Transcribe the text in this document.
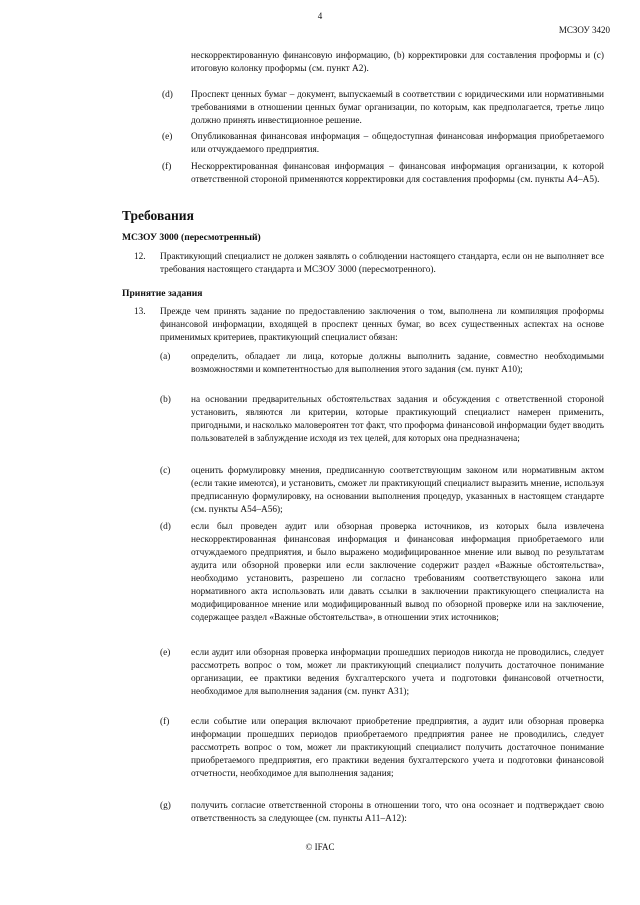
4
МСЗОУ 3420
нескорректированную финансовую информацию, (b) корректировки для составления проформы и (c) итоговую колонку проформы (см. пункт A2).
(d) Проспект ценных бумаг – документ, выпускаемый в соответствии с юридическими или нормативными требованиями в отношении ценных бумаг организации, по которым, как предполагается, третье лицо должно принять инвестиционное решение.
(e) Опубликованная финансовая информация – общедоступная финансовая информация приобретаемого или отчуждаемого предприятия.
(f) Нескорректированная финансовая информация – финансовая информация организации, к которой ответственной стороной применяются корректировки для составления проформы (см. пункты A4–A5).
Требования
МСЗОУ 3000 (пересмотренный)
12. Практикующий специалист не должен заявлять о соблюдении настоящего стандарта, если он не выполняет все требования настоящего стандарта и МСЗОУ 3000 (пересмотренного).
Принятие задания
13. Прежде чем принять задание по предоставлению заключения о том, выполнена ли компиляция проформы финансовой информации, входящей в проспект ценных бумаг, во всех существенных аспектах на основе применимых критериев, практикующий специалист обязан:
(a) определить, обладает ли лица, которые должны выполнить задание, совместно необходимыми возможностями и компетентностью для выполнения этого задания (см. пункт A10);
(b) на основании предварительных обстоятельствах задания и обсуждения с ответственной стороной установить, являются ли критерии, которые практикующий специалист намерен применить, пригодными, и насколько маловероятен тот факт, что проформа финансовой информации будет вводить пользователей в заблуждение исходя из тех целей, для которых она предназначена;
(c) оценить формулировку мнения, предписанную соответствующим законом или нормативным актом (если такие имеются), и установить, сможет ли практикующий специалист выразить мнение, используя предписанную формулировку, на основании выполнения процедур, указанных в настоящем стандарте (см. пункты A54–A56);
(d) если был проведен аудит или обзорная проверка источников, из которых была извлечена нескорректированная финансовая информация и финансовая информация приобретаемого или отчуждаемого предприятия, и было выражено модифицированное мнение или вывод по результатам аудита или обзорной проверки или если заключение содержит раздел «Важные обстоятельства», необходимо установить, разрешено ли согласно требованиям соответствующего закона или нормативного акта использовать или давать ссылки в заключении практикующего специалиста на модифицированное мнение или модифицированный вывод по обзорной проверке или на заключение, содержащее раздел «Важные обстоятельства», в отношении этих источников;
(e) если аудит или обзорная проверка информации прошедших периодов никогда не проводились, следует рассмотреть вопрос о том, может ли практикующий специалист получить достаточное понимание организации, ее практики ведения бухгалтерского учета и подготовки финансовой отчетности, необходимое для выполнения задания (см. пункт A31);
(f) если событие или операция включают приобретение предприятия, а аудит или обзорная проверка информации прошедших периодов приобретаемого предприятия ранее не проводились, следует рассмотреть вопрос о том, может ли практикующий специалист получить достаточное понимание приобретаемого предприятия, его практики ведения бухгалтерского учета и подготовки финансовой отчетности, необходимое для выполнения задания;
(g) получить согласие ответственной стороны в отношении того, что она осознает и подтверждает свою ответственность за следующее (см. пункты A11–A12):
© IFAC
